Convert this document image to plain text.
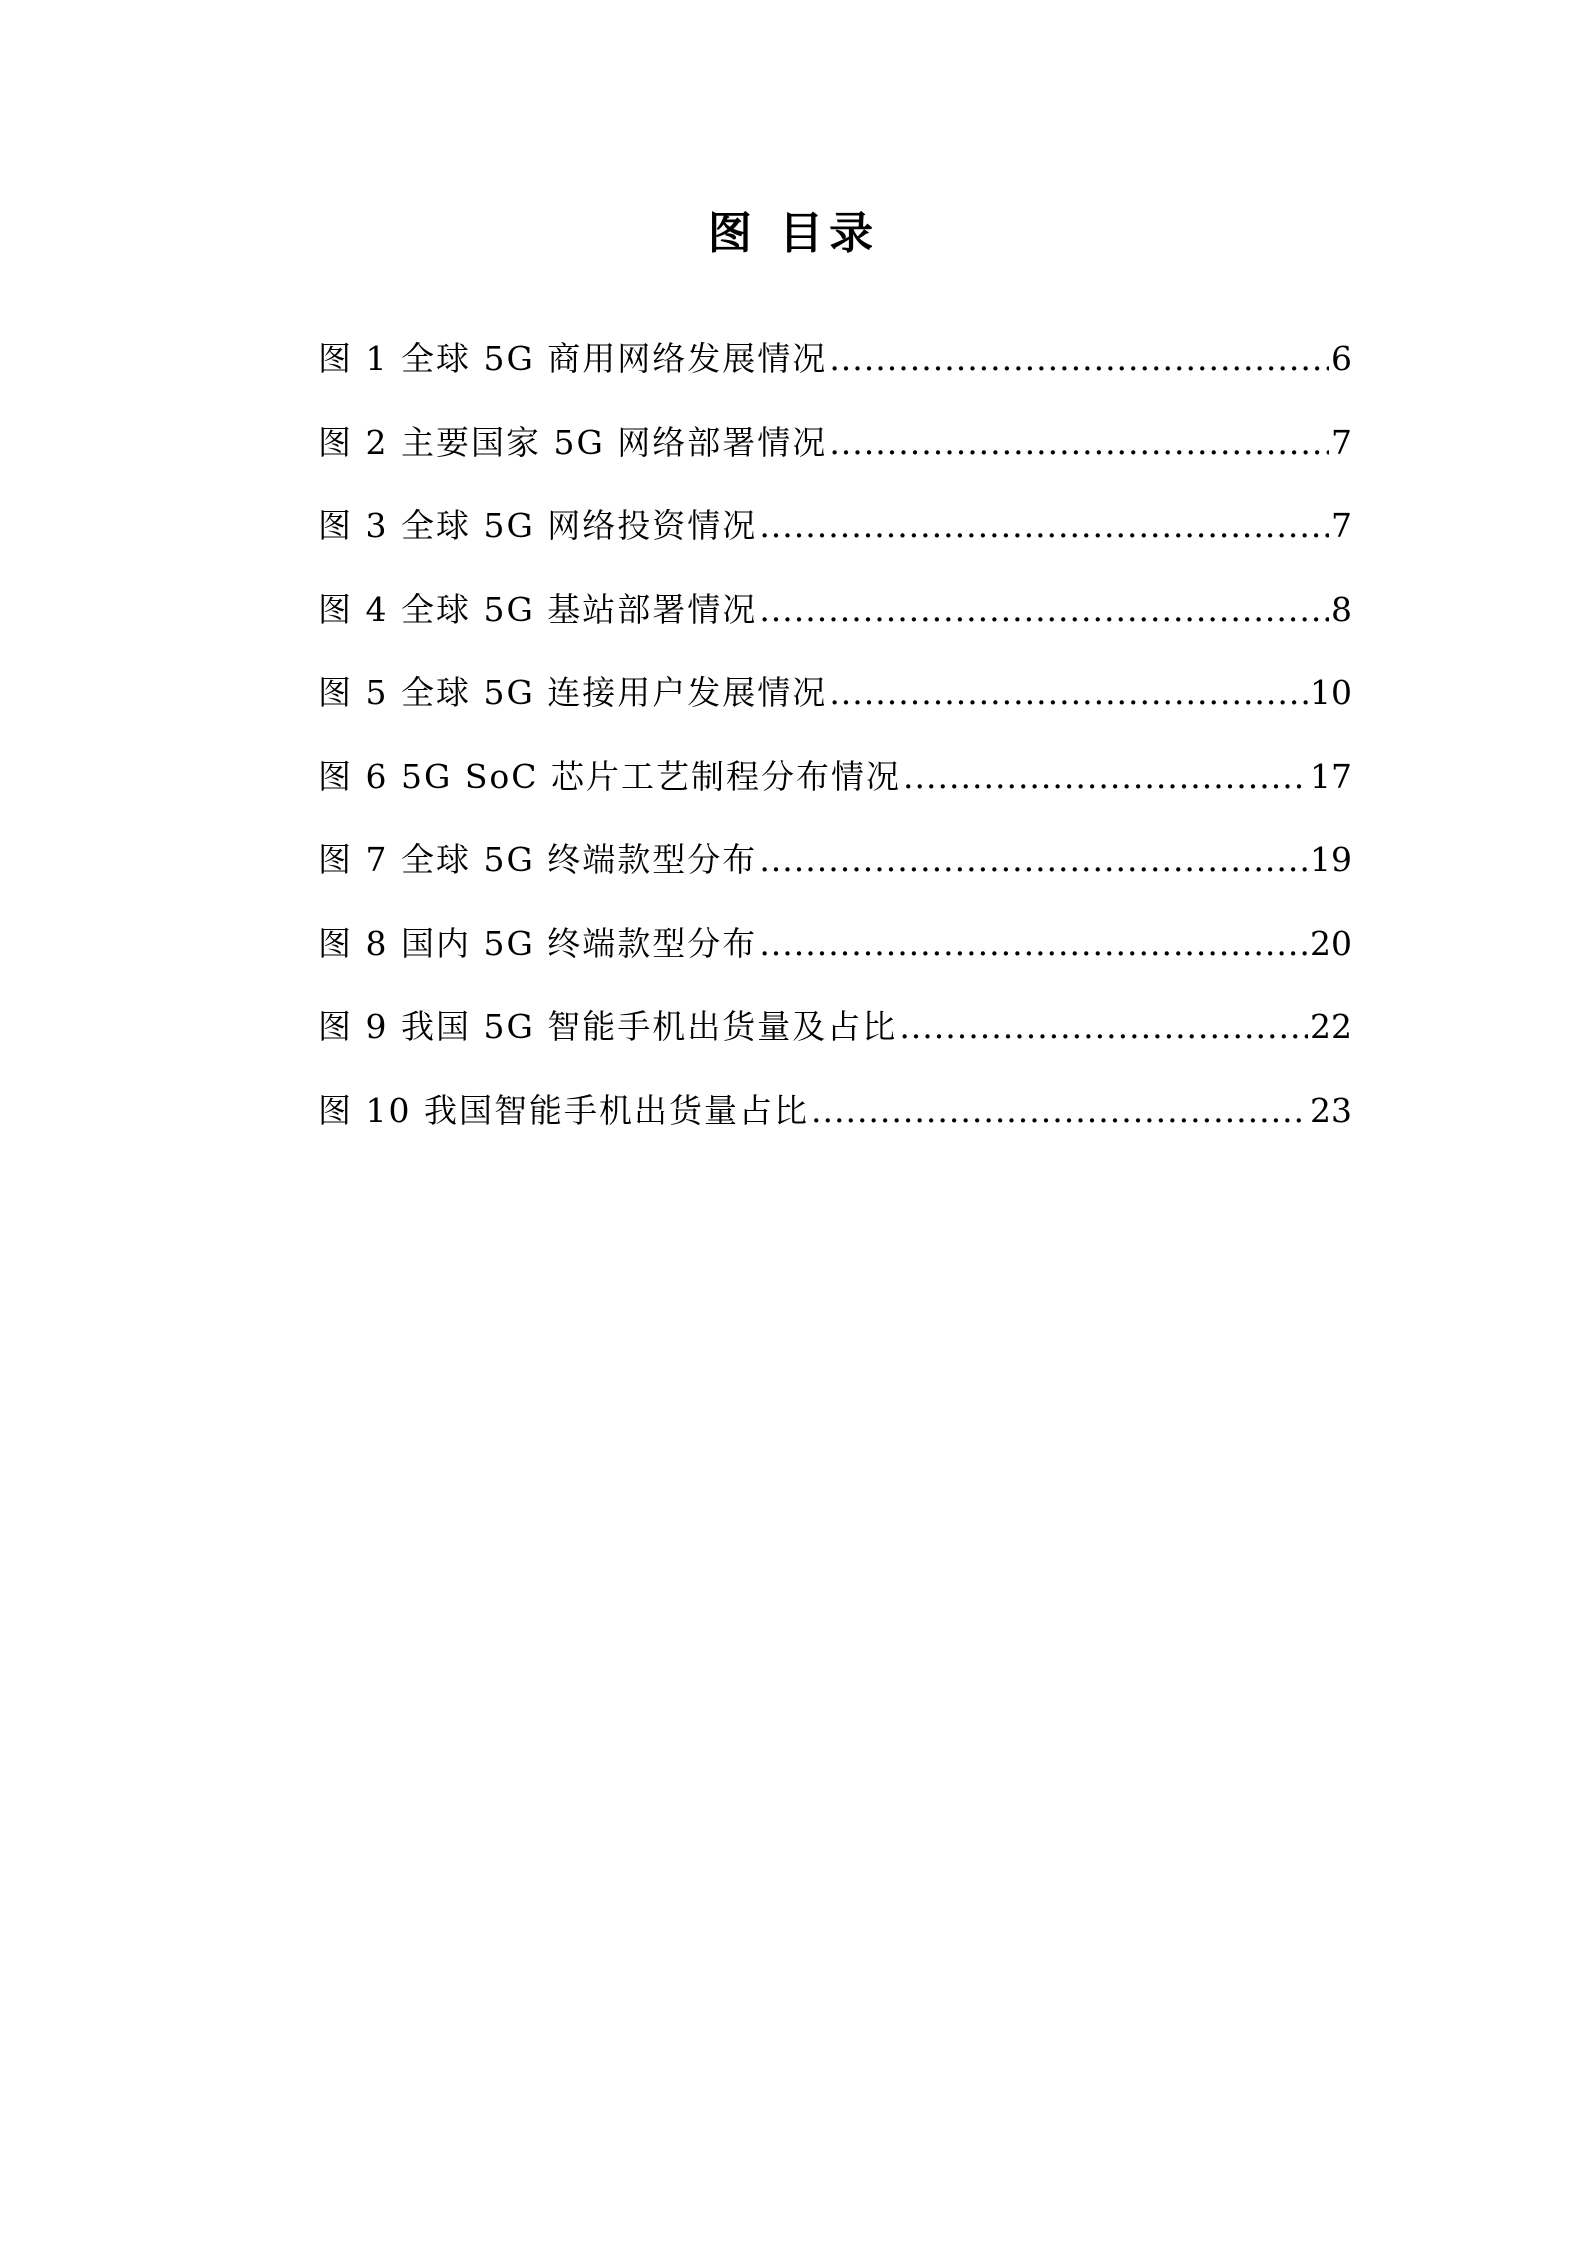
图 目录
图 1 全球 5G 商用网络发展情况 .....	6
图 2 主要国家 5G 网络部署情况 .....	7
图 3 全球 5G 网络投资情况 .....	7
图 4 全球 5G 基站部署情况 .....	8
图 5 全球 5G 连接用户发展情况 .....	10
图 6 5G SoC 芯片工艺制程分布情况 .....	17
图 7 全球 5G 终端款型分布 .....	19
图 8 国内 5G 终端款型分布 .....	20
图 9 我国 5G 智能手机出货量及占比 .....	22
图 10 我国智能手机出货量占比 .....	23
